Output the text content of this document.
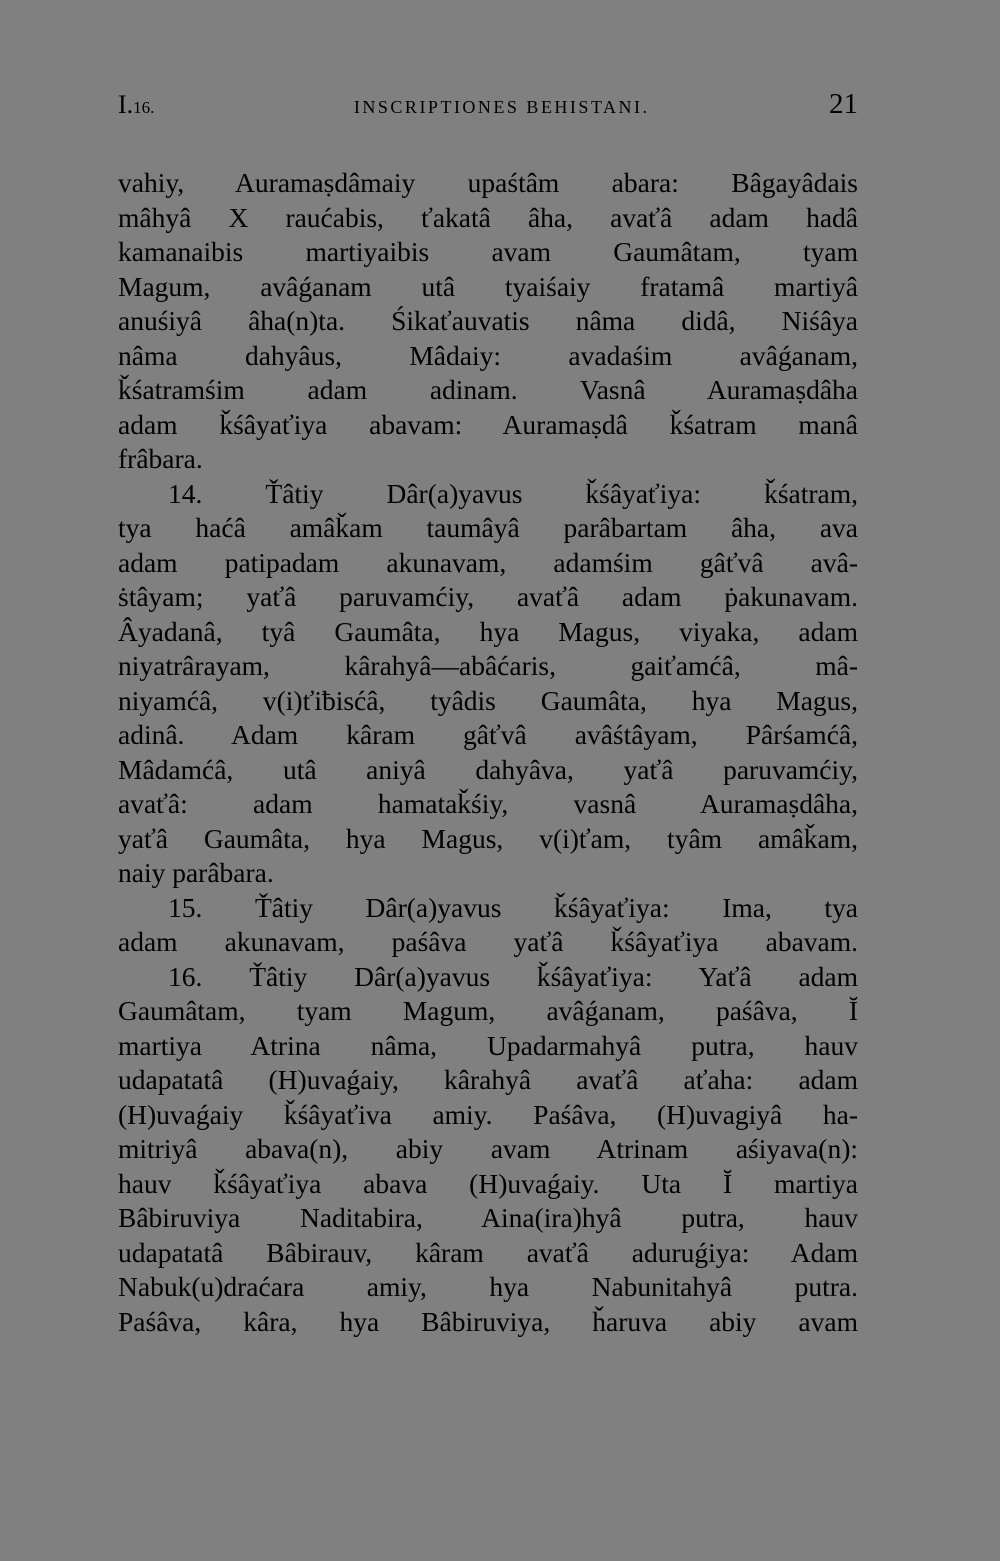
I.16.	INSCRIPTIONES BEHISTANI.	21
vahiy, Auramaṣdâmaiy upaśtâm abara: Bâgayâdais
mâhyâ X raućabis, ťakatâ âha, avaťâ adam hadâ
kamanaibis martiyaibis avam Gaumâtam, tyam
Magum, avâǵanam utâ tyaiśaiy fratamâ martiyâ
anuśiyâ âha(n)ta. Śikaťauvatis nâma didâ, Niśâya
nâma dahyâus, Mâdaiy: avadaśim avâǵanam,
ǩśatramśim adam adinam. Vasnâ Auramaṣdâha
adam ǩśâyaťiya abavam: Auramaṣdâ ǩśatram manâ
frâbara.
14. Ťâtiy Dâr(a)yavus ǩśâyaťiya: ǩśatram,
tya haćâ amâǩam taumâyâ parâbartam âha, ava
adam patipadam akunavam, adamśim gâťvâ avâ-
ṡtâyam; yaťâ paruvamćiy, avaťâ adam ṗakunavam.
Âyadanâ, tyâ Gaumâta, hya Magus, viyaka, adam
niyatrârayam, kârahyâ—abâćaris, gaiťamćâ, mâ-
niyamćâ, v(i)ťiƀisćâ, tyâdis Gaumâta, hya Magus,
adinâ. Adam kâram gâťvâ avâśtâyam, Pârśamćâ,
Mâdamćâ, utâ aniyâ dahyâva, yaťâ paruvamćiy,
avaťâ: adam hamataǩśiy, vasnâ Auramaṣdâha,
yaťâ Gaumâta, hya Magus, v(i)ťam, tyâm amâǩam,
naiy parâbara.
15. Ťâtiy Dâr(a)yavus ǩśâyaťiya: Ima, tya
adam akunavam, paśâva yaťâ ǩśâyaťiya abavam.
16. Ťâtiy Dâr(a)yavus ǩśâyaťiya: Yaťâ adam
Gaumâtam, tyam Magum, avâǵanam, paśâva, Ĭ
martiya Atrina nâma, Upadarmahyâ putra, hauv
udapatatâ (H)uvaǵaiy, kârahyâ avaťâ aťaha: adam
(H)uvaǵaiy ǩśâyaťiva amiy. Paśâva, (H)uvagiyâ ha-
mitriyâ abava(n), abiy avam Atrinam aśiyava(n):
hauv ǩśâyaťiya abava (H)uvaǵaiy. Uta Ĭ martiya
Bâbiruviya Naditabira, Aina(ira)hyâ putra, hauv
udapatatâ Bâbirauv, kâram avaťâ aduruǵiya: Adam
Nabuk(u)draćara amiy, hya Nabunitahyâ putra.
Paśâva, kâra, hya Bâbiruviya, ȟaruva abiy avam
